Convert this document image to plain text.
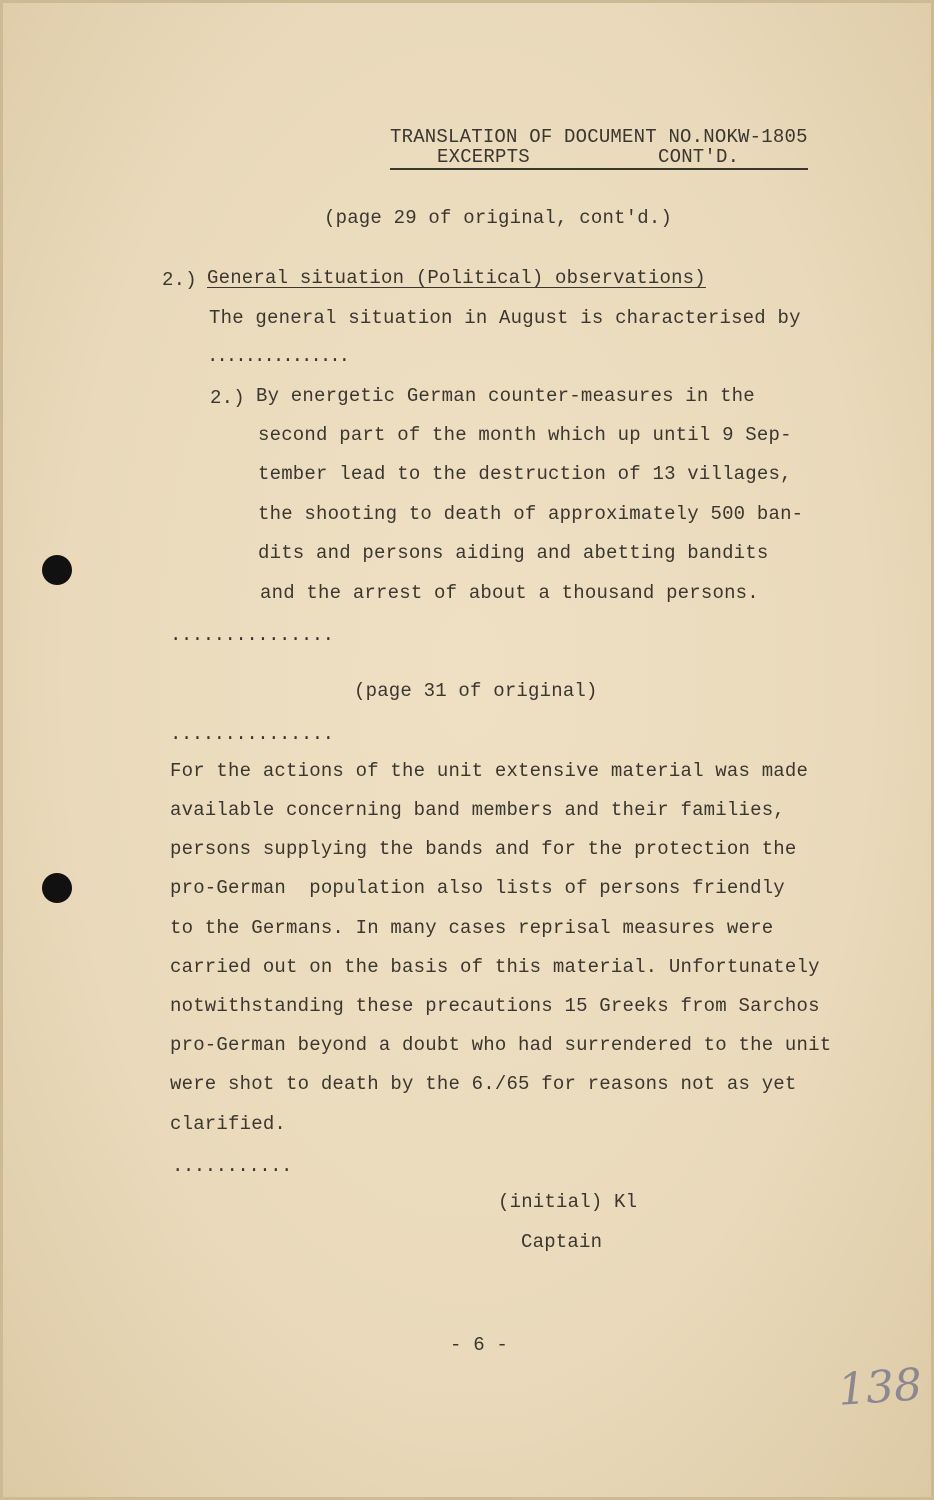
TRANSLATION OF DOCUMENT NO.NOKW-1805
EXCERPTS	CONT'D.
(page 29 of original, cont'd.)
2.) General situation (Political) observations)
The general situation in August is characterised by
...............
2.) By energetic German counter-measures in the
second part of the month which up until 9 Sep-
tember lead to the destruction of 13 villages,
the shooting to death of approximately 500 ban-
dits and persons aiding and abetting bandits
and the arrest of about a thousand persons.
...............
(page 31 of original)
...............
For the actions of the unit extensive material was made
available concerning band members and their families,
persons supplying the bands and for the protection the
pro-German  population also lists of persons friendly
to the Germans. In many cases reprisal measures were
carried out on the basis of this material. Unfortunately
notwithstanding these precautions 15 Greeks from Sarchos
pro-German beyond a doubt who had surrendered to the unit
were shot to death by the 6./65 for reasons not as yet
clarified.
...........
(initial) Kl
Captain
- 6 -
138
